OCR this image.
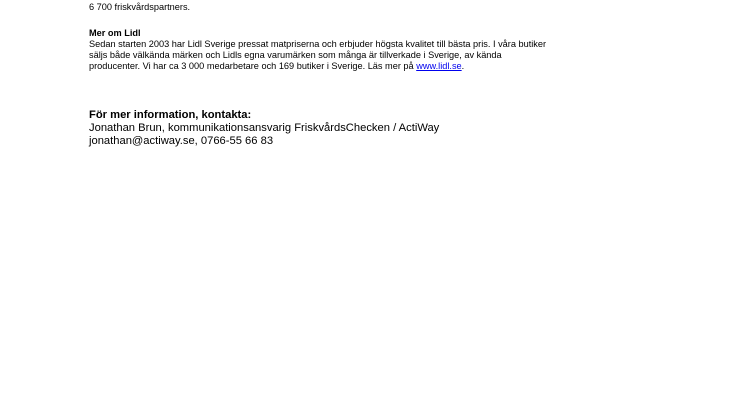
6 700 friskvårdspartners.
Mer om Lidl
Sedan starten 2003 har Lidl Sverige pressat matpriserna och erbjuder högsta kvalitet till bästa pris. I våra butiker
säljs både välkända märken och Lidls egna varumärken som många är tillverkade i Sverige, av kända
producenter. Vi har ca 3 000 medarbetare och 169 butiker i Sverige. Läs mer på www.lidl.se.
För mer information, kontakta:
Jonathan Brun, kommunikationsansvarig FriskvårdsChecken / ActiWay
jonathan@actiway.se, 0766-55 66 83
